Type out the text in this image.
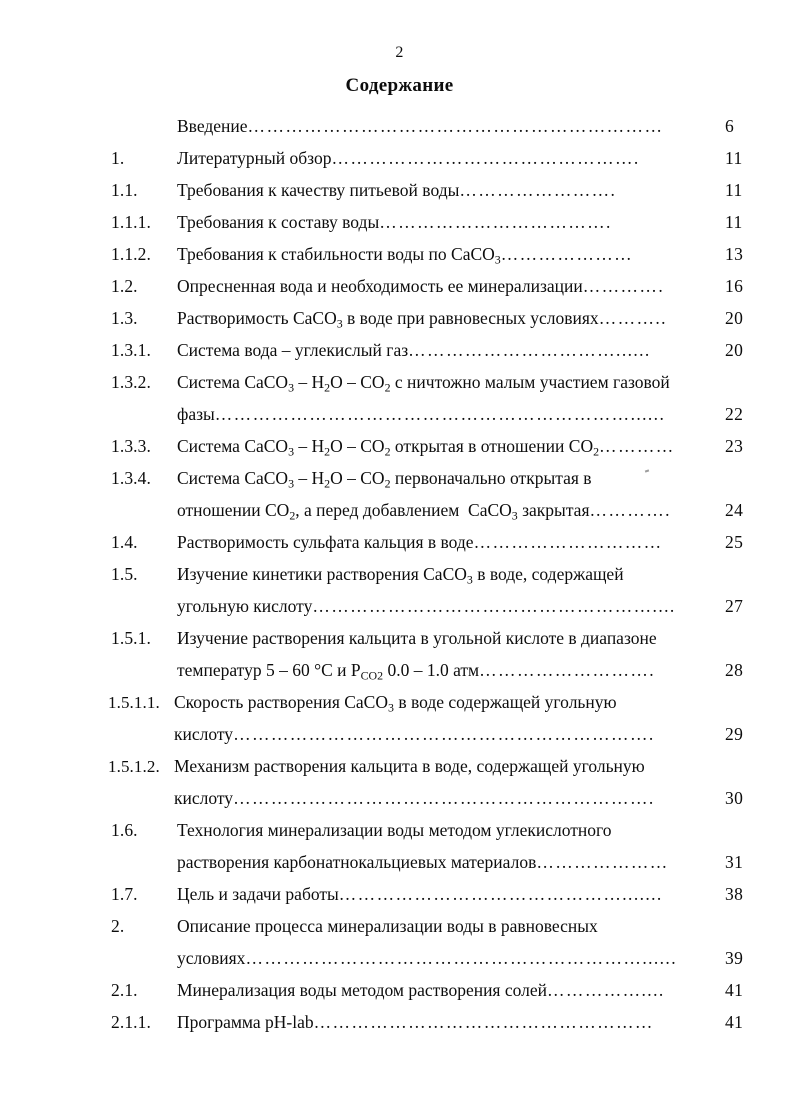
2
Содержание
Введение…………………………………………………………	6
1.	Литературный обзор………………………………………….	11
1.1.	Требования к качеству питьевой воды…………………….	11
1.1.1.	Требования к составу воды……………………………….	11
1.1.2.	Требования к стабильности воды по CaCO$_3$…………………	13
1.2.	Опресненная вода и необходимость ее минерализации………….	16
1.3.	Растворимость CaCO$_3$ в воде при равновесных условиях………..	20
1.3.1.	Система вода – углекислый газ……………………………......	20
1.3.2.	Система CaCO$_3$ – $H_2O - CO_2$ с ничтожно малым участием газовой
фазы…………………………………………………………......	22
1.3.3.	Система CaCO$_3$ – $H_2O - CO_2$ открытая в отношении $CO_2\dots\dots\dots\dots$	23
1.3.4.	Система CaCO$_3$ – $H_2O - CO_2$ первоначально открытая в
отношении $CO_2$, а перед добавлением  CaCO$_3$ закрытая………….	24
1.4.	Растворимость сульфата кальция в воде…………………………	25
1.5.	Изучение кинетики растворения CaCO$_3$ в воде, содержащей
угольную кислоту………………………………………………....	27
1.5.1.	Изучение растворения кальцита в угольной кислоте в диапазоне
температур 5 – 60 °C и $P_{CO2}$ 0.0 – 1.0 атм……………………….	28
1.5.1.1. Скорость растворения CaCO$_3$ в воде содержащей угольную
кислоту………………………………………………………….	29
1.5.1.2. Механизм растворения кальцита в воде, содержащей угольную
кислоту………………………………………………………….	30
1.6.	Технология минерализации воды методом углекислотного
растворения карбонатнокальциевых материалов…………………	31
1.7.	Цель и задачи работы……………………………………….......	38
2.	Описание процесса минерализации воды в равновесных
условиях………………………………………………………......	39
2.1.	Минерализация воды методом растворения солей……………....	41
2.1.1.	Программа pH-lab………………………………………………	41
